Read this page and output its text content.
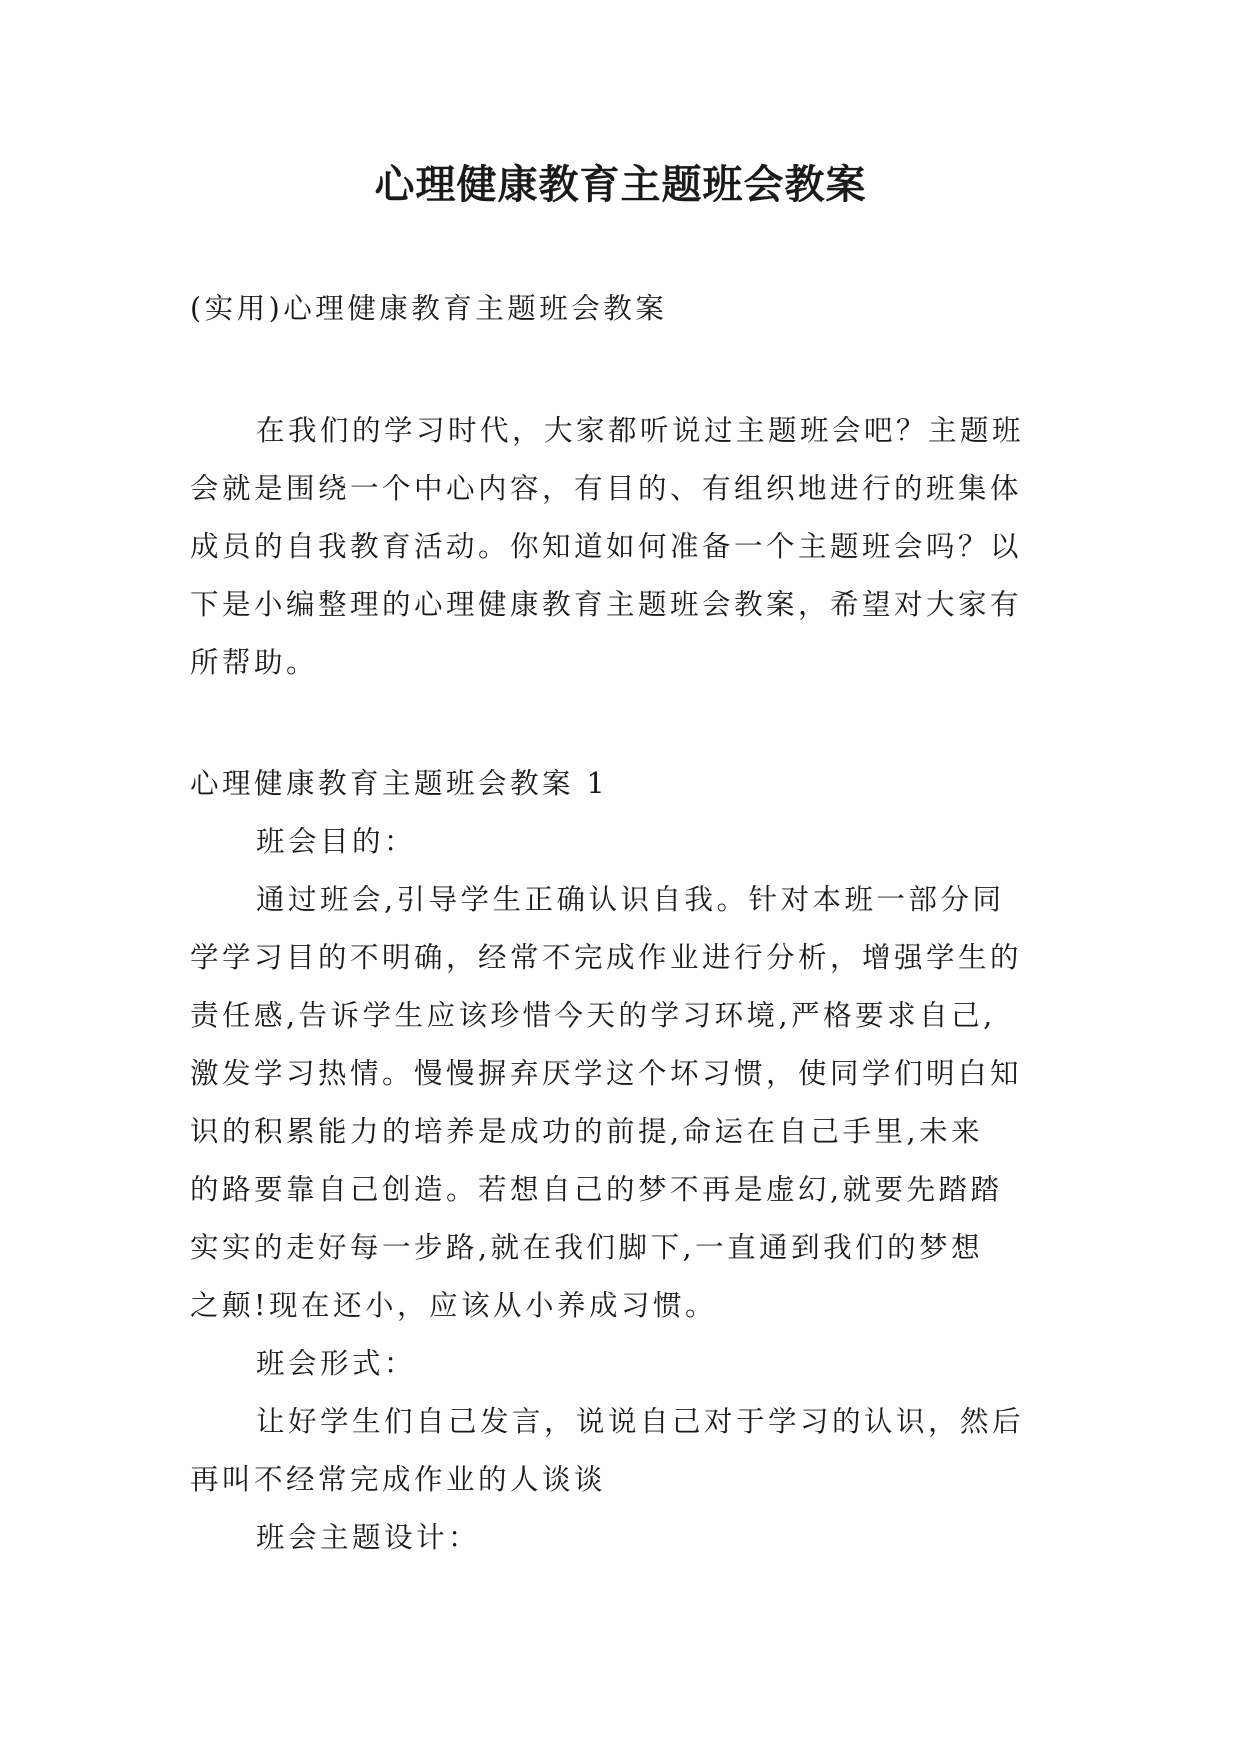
心理健康教育主题班会教案
(实用)心理健康教育主题班会教案
在我们的学习时代，大家都听说过主题班会吧？主题班
会就是围绕一个中心内容，有目的、有组织地进行的班集体
成员的自我教育活动。你知道如何准备一个主题班会吗？以
下是小编整理的心理健康教育主题班会教案，希望对大家有
所帮助。
心理健康教育主题班会教案 1
班会目的：
通过班会,引导学生正确认识自我。针对本班一部分同
学学习目的不明确，经常不完成作业进行分析，增强学生的
责任感,告诉学生应该珍惜今天的学习环境,严格要求自己,
激发学习热情。慢慢摒弃厌学这个坏习惯，使同学们明白知
识的积累能力的培养是成功的前提,命运在自己手里,未来
的路要靠自己创造。若想自己的梦不再是虚幻,就要先踏踏
实实的走好每一步路,就在我们脚下,一直通到我们的梦想
之颠!现在还小，应该从小养成习惯。
班会形式：
让好学生们自己发言，说说自己对于学习的认识，然后
再叫不经常完成作业的人谈谈
班会主题设计：
